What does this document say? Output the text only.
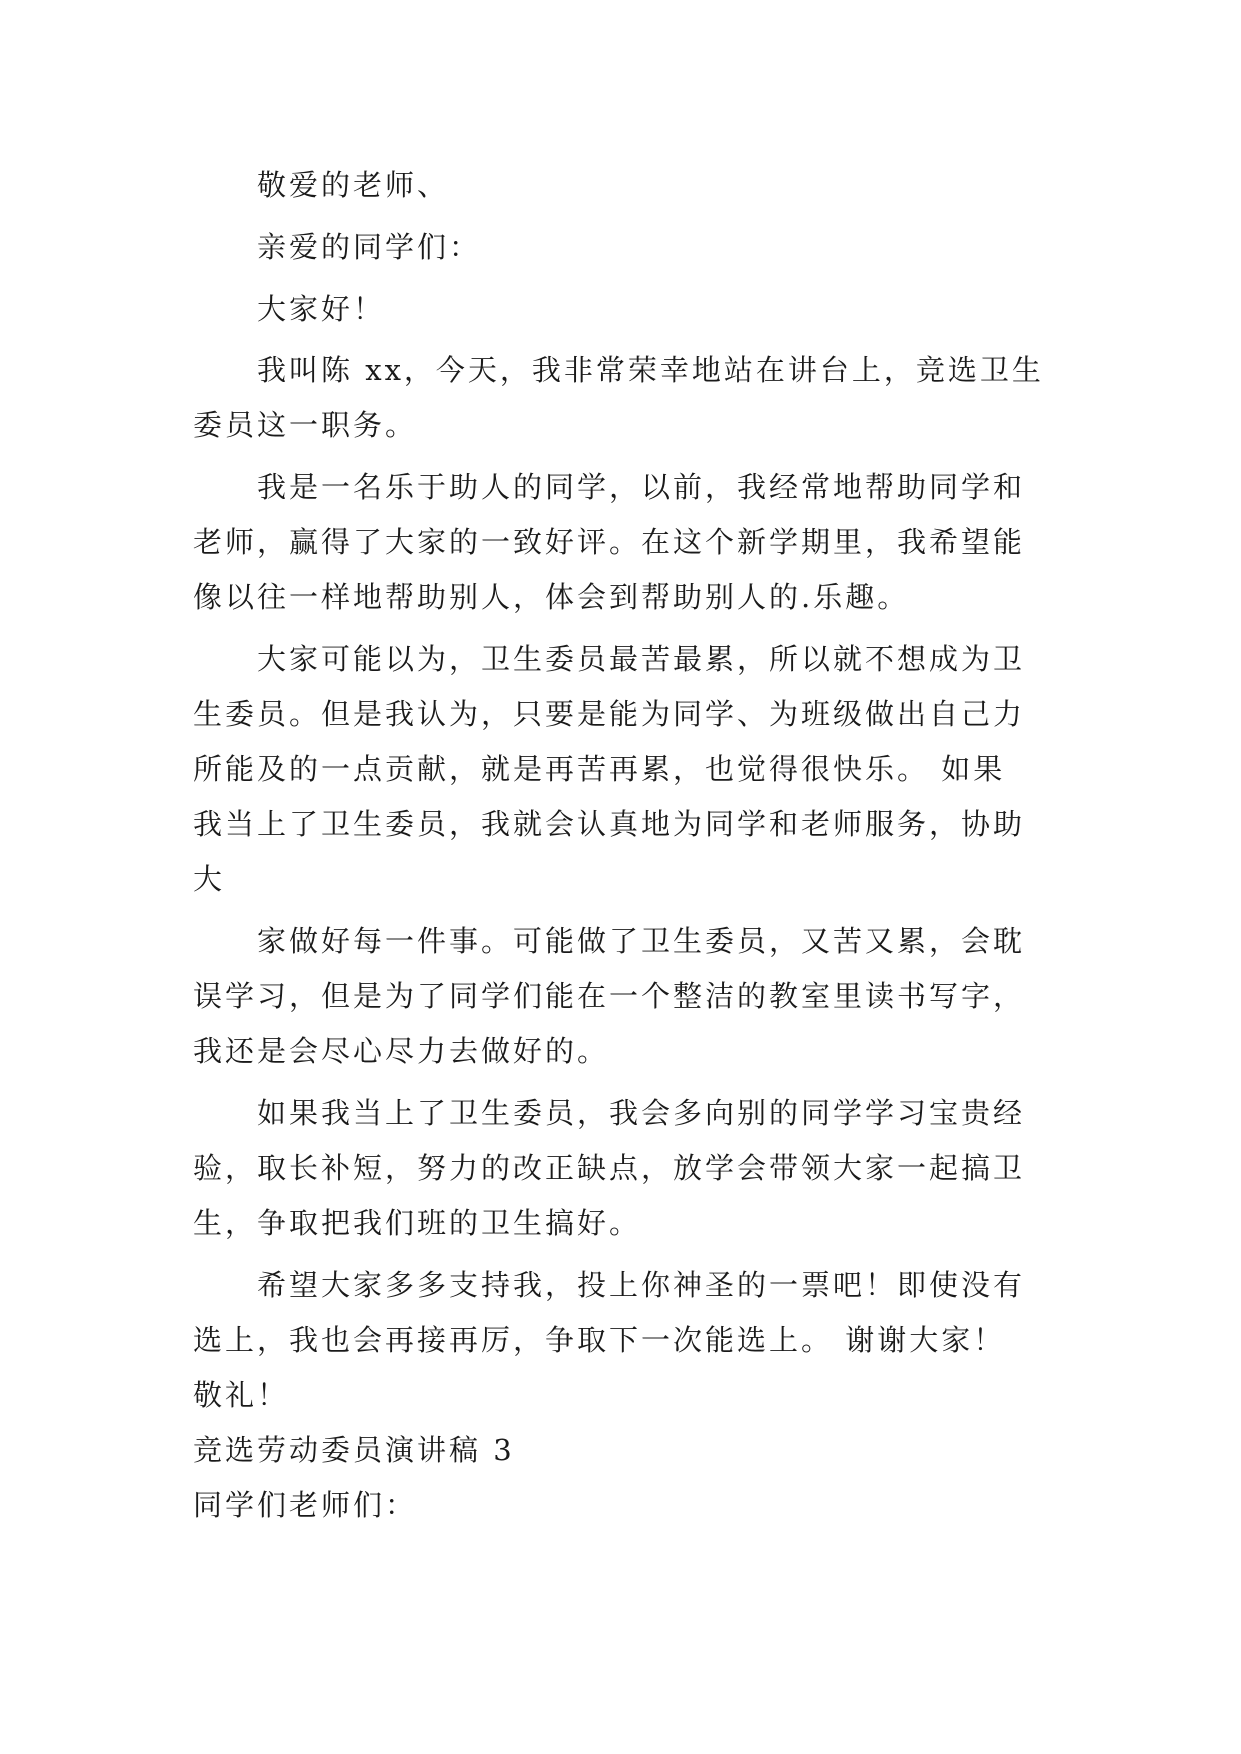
敬爱的老师、
亲爱的同学们：
大家好！
我叫陈 xx，今天，我非常荣幸地站在讲台上，竞选卫生
委员这一职务。
我是一名乐于助人的同学，以前，我经常地帮助同学和
老师，赢得了大家的一致好评。在这个新学期里，我希望能
像以往一样地帮助别人，体会到帮助别人的.乐趣。
大家可能以为，卫生委员最苦最累，所以就不想成为卫
生委员。但是我认为，只要是能为同学、为班级做出自己力
所能及的一点贡献，就是再苦再累，也觉得很快乐。 如果
我当上了卫生委员，我就会认真地为同学和老师服务，协助
大
家做好每一件事。可能做了卫生委员，又苦又累，会耽
误学习，但是为了同学们能在一个整洁的教室里读书写字，
我还是会尽心尽力去做好的。
如果我当上了卫生委员，我会多向别的同学学习宝贵经
验，取长补短，努力的改正缺点，放学会带领大家一起搞卫
生，争取把我们班的卫生搞好。
希望大家多多支持我，投上你神圣的一票吧！即使没有
选上，我也会再接再厉，争取下一次能选上。 谢谢大家！
敬礼！
竞选劳动委员演讲稿 3
同学们老师们：
